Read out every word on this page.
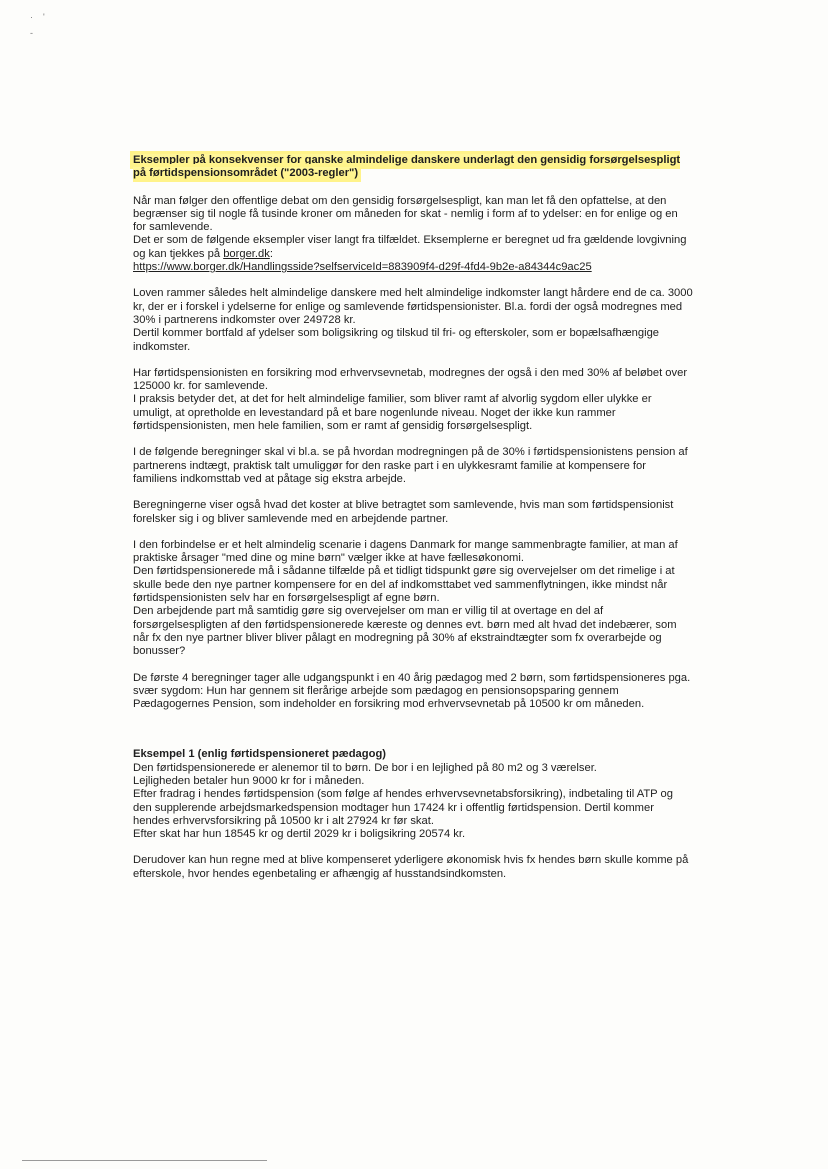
·    '
-
Eksempler på konsekvenser for ganske almindelige danskere underlagt den gensidig forsørgelsespligt på førtidspensionsområdet ("2003-regler")

Når man følger den offentlige debat om den gensidig forsørgelsespligt, kan man let få den opfattelse, at den begrænser sig til nogle få tusinde kroner om måneden for skat - nemlig i form af to ydelser: en for enlige og en for samlevende.
Det er som de følgende eksempler viser langt fra tilfældet. Eksemplerne er beregnet ud fra gældende lovgivning og kan tjekkes på borger.dk:
https://www.borger.dk/Handlingsside?selfserviceId=883909f4-d29f-4fd4-9b2e-a84344c9ac25

Loven rammer således helt almindelige danskere med helt almindelige indkomster langt hårdere end de ca. 3000 kr, der er i forskel i ydelserne for enlige og samlevende førtidspensionister. Bl.a. fordi der også modregnes med 30% i partnerens indkomster over 249728 kr.
Dertil kommer bortfald af ydelser som boligsikring og tilskud til fri- og efterskoler, som er bopælsafhængige indkomster.

Har førtidspensionisten en forsikring mod erhvervsevnetab, modregnes der også i den med 30% af beløbet over 125000 kr. for samlevende.
I praksis betyder det, at det for helt almindelige familier, som bliver ramt af alvorlig sygdom eller ulykke er umuligt, at opretholde en levestandard på et bare nogenlunde niveau. Noget der ikke kun rammer førtidspensionisten, men hele familien, som er ramt af gensidig forsørgelsespligt.

I de følgende beregninger skal vi bl.a. se på hvordan modregningen på de 30% i førtidspensionistens pension af partnerens indtægt, praktisk talt umuliggør for den raske part i en ulykkesramt familie at kompensere for familiens indkomsttab ved at påtage sig ekstra arbejde.

Beregningerne viser også hvad det koster at blive betragtet som samlevende, hvis man som førtidspensionist forelsker sig i og bliver samlevende med en arbejdende partner.

I den forbindelse er et helt almindelig scenarie i dagens Danmark for mange sammenbragte familier, at man af praktiske årsager "med dine og mine børn" vælger ikke at have fællesøkonomi.
Den førtidspensionerede må i sådanne tilfælde på et tidligt tidspunkt gøre sig overvejelser om det rimelige i at skulle bede den nye partner kompensere for en del af indkomsttabet ved sammenflytningen, ikke mindst når førtidspensionisten selv har en forsørgelsespligt af egne børn.
Den arbejdende part må samtidig gøre sig overvejelser om man er villig til at overtage en del af forsørgelsespligten af den førtidspensionerede kæreste og dennes evt. børn med alt hvad det indebærer, som når fx den nye partner bliver bliver pålagt en modregning på 30% af ekstraindtægter som fx overarbejde og bonusser?

De første 4 beregninger tager alle udgangspunkt i en 40 årig pædagog med 2 børn, som førtidspensioneres pga. svær sygdom: Hun har gennem sit flerårige arbejde som pædagog en pensionsopsparing gennem Pædagogernes Pension, som indeholder en forsikring mod erhvervsevnetab på 10500 kr om måneden.

Eksempel 1 (enlig førtidspensioneret pædagog)
Den førtidspensionerede er alenemor til to børn. De bor i en lejlighed på 80 m2 og 3 værelser.
Lejligheden betaler hun 9000 kr for i måneden.
Efter fradrag i hendes førtidspension (som følge af hendes erhvervsevnetabsforsikring), indbetaling til ATP og den supplerende arbejdsmarkedspension modtager hun 17424 kr i offentlig førtidspension. Dertil kommer hendes erhvervsforsikring på 10500 kr i alt 27924 kr før skat.
Efter skat har hun 18545 kr og dertil 2029 kr i boligsikring 20574 kr.

Derudover kan hun regne med at blive kompenseret yderligere økonomisk hvis fx hendes børn skulle komme på efterskole, hvor hendes egenbetaling er afhængig af husstandsindkomsten.
